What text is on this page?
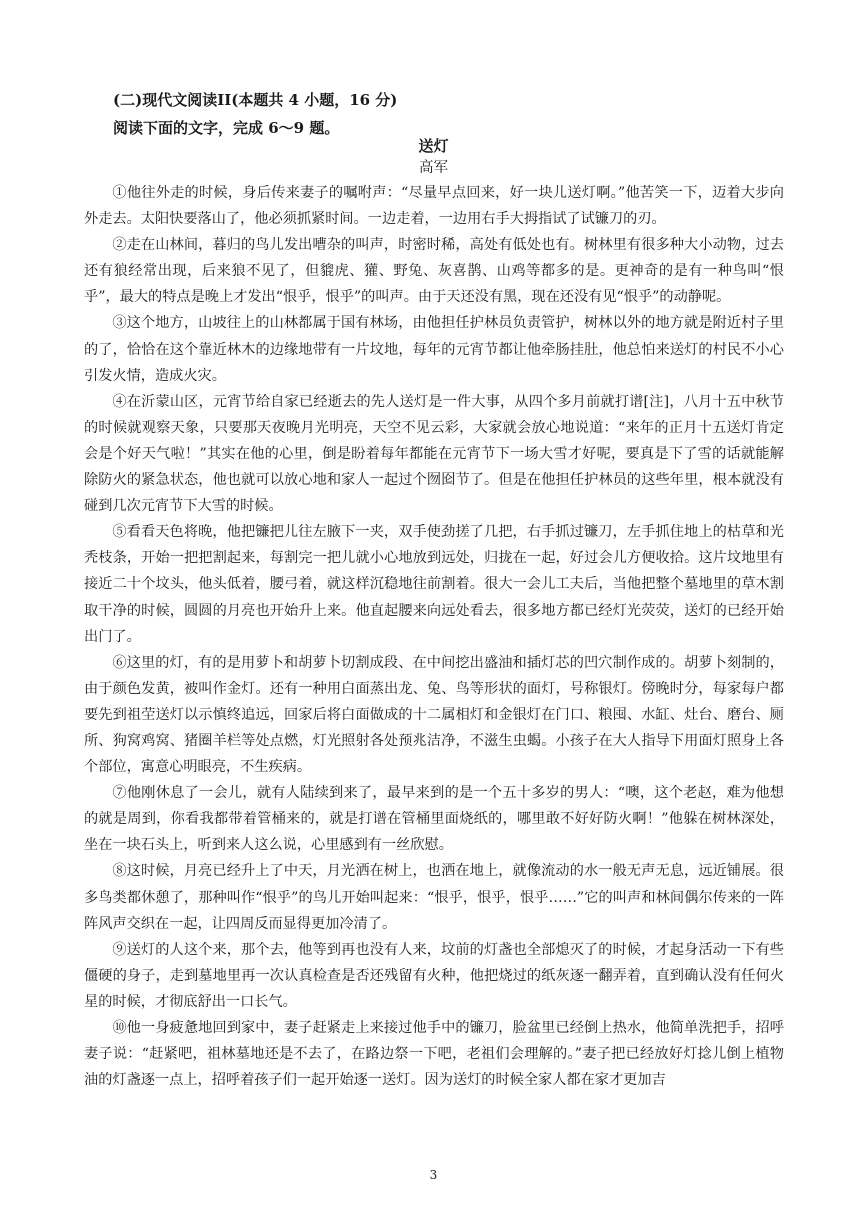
(二)现代文阅读II(本题共 4 小题，16 分)
阅读下面的文字，完成 6～9 题。
送灯
高军

①他往外走的时候，身后传来妻子的嘱咐声：“尽量早点回来，好一块儿送灯啊。”他苦笑一下，迈着大步向外走去。太阳快要落山了，他必须抓紧时间。一边走着，一边用右手大拇指试了试镰刀的刃。

②走在山林间，暮归的鸟儿发出嘈杂的叫声，时密时稀，高处有低处也有。树林里有很多种大小动物，过去还有狼经常出现，后来狼不见了，但貔虎、獾、野兔、灰喜鹊、山鸡等都多的是。更神奇的是有一种鸟叫“恨乎”，最大的特点是晚上才发出“恨乎，恨乎”的叫声。由于天还没有黑，现在还没有见“恨乎”的动静呢。

③这个地方，山坡往上的山林都属于国有林场，由他担任护林员负责管护，树林以外的地方就是附近村子里的了，恰恰在这个靠近林木的边缘地带有一片坟地，每年的元宵节都让他牵肠挂肚，他总怕来送灯的村民不小心引发火情，造成火灾。

④在沂蒙山区，元宵节给自家已经逝去的先人送灯是一件大事，从四个多月前就打谱[注]，八月十五中秋节的时候就观察天象，只要那天夜晚月光明亮，天空不见云彩，大家就会放心地说道：“来年的正月十五送灯肯定会是个好天气啦！”其实在他的心里，倒是盼着每年都能在元宵节下一场大雪才好呢，要真是下了雪的话就能解除防火的紧急状态，他也就可以放心地和家人一起过个囫囵节了。但是在他担任护林员的这些年里，根本就没有碰到几次元宵节下大雪的时候。

⑤看看天色将晚，他把镰把儿往左腋下一夹，双手使劲搓了几把，右手抓过镰刀，左手抓住地上的枯草和光秃枝条，开始一把把割起来，每割完一把儿就小心地放到远处，归拢在一起，好过会儿方便收拾。这片坟地里有接近二十个坟头，他头低着，腰弓着，就这样沉稳地往前割着。很大一会儿工夫后，当他把整个墓地里的草木割取干净的时候，圆圆的月亮也开始升上来。他直起腰来向远处看去，很多地方都已经灯光荧荧，送灯的已经开始出门了。

⑥这里的灯，有的是用萝卜和胡萝卜切割成段、在中间挖出盛油和插灯芯的凹穴制作成的。胡萝卜刻制的，由于颜色发黄，被叫作金灯。还有一种用白面蒸出龙、兔、鸟等形状的面灯，号称银灯。傍晚时分，每家每户都要先到祖茔送灯以示慎终追远，回家后将白面做成的十二属相灯和金银灯在门口、粮囤、水缸、灶台、磨台、厕所、狗窝鸡窝、猪圈羊栏等处点燃，灯光照射各处预兆洁净，不滋生虫蝎。小孩子在大人指导下用面灯照身上各个部位，寓意心明眼亮，不生疾病。

⑦他刚休息了一会儿，就有人陆续到来了，最早来到的是一个五十多岁的男人：“噢，这个老赵，难为他想的就是周到，你看我都带着管桶来的，就是打谱在管桶里面烧纸的，哪里敢不好好防火啊！”他躲在树林深处，坐在一块石头上，听到来人这么说，心里感到有一丝欣慰。

⑧这时候，月亮已经升上了中天，月光洒在树上，也洒在地上，就像流动的水一般无声无息，远近铺展。很多鸟类都休憩了，那种叫作“恨乎”的鸟儿开始叫起来：“恨乎，恨乎，恨乎……”它的叫声和林间偶尔传来的一阵阵风声交织在一起，让四周反而显得更加冷清了。

⑨送灯的人这个来，那个去，他等到再也没有人来，坟前的灯盏也全部熄灭了的时候，才起身活动一下有些僵硬的身子，走到墓地里再一次认真检查是否还残留有火种，他把烧过的纸灰逐一翻弄着，直到确认没有任何火星的时候，才彻底舒出一口长气。

⑩他一身疲惫地回到家中，妻子赶紧走上来接过他手中的镰刀，脸盆里已经倒上热水，他简单洗把手，招呼妻子说：“赶紧吧，祖林墓地还是不去了，在路边祭一下吧，老祖们会理解的。”妻子把已经放好灯捻儿倒上植物油的灯盏逐一点上，招呼着孩子们一起开始逐一送灯。因为送灯的时候全家人都在家才更加吉

3
